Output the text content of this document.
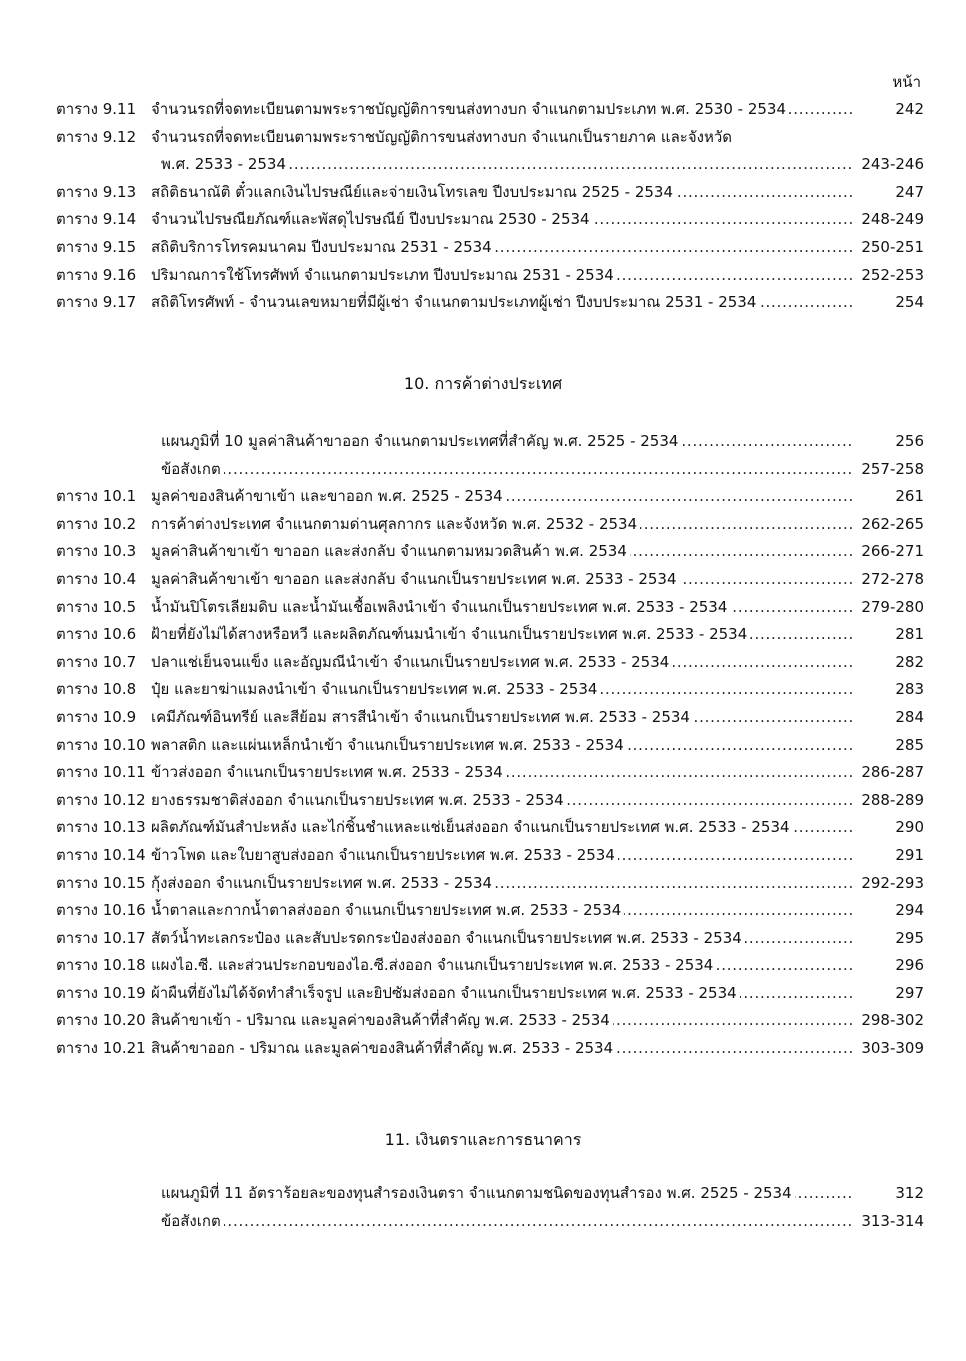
หน้า
ตาราง 9.11 จำนวนรถที่จดทะเบียนตามพระราชบัญญัติการขนส่งทางบก จำแนกตามประเภท พ.ศ. 2530 - 2534 . . .	242
ตาราง 9.12 จำนวนรถที่จดทะเบียนตามพระราชบัญญัติการขนส่งทางบก จำแนกเป็นรายภาค และจังหวัด
พ.ศ. 2533 - 2534 . . .	243-246
ตาราง 9.13 สถิติธนาณัติ ตั๋วแลกเงินไปรษณีย์และจ่ายเงินโทรเลข ปีงบประมาณ 2525 - 2534 . . .	247
ตาราง 9.14 จำนวนไปรษณียภัณฑ์และพัสดุไปรษณีย์ ปีงบประมาณ 2530 - 2534 . . .	248-249
ตาราง 9.15 สถิติบริการโทรคมนาคม ปีงบประมาณ 2531 - 2534 . . .	250-251
ตาราง 9.16 ปริมาณการใช้โทรศัพท์ จำแนกตามประเภท ปีงบประมาณ 2531 - 2534 . . .	252-253
ตาราง 9.17 สถิติโทรศัพท์ - จำนวนเลขหมายที่มีผู้เช่า จำแนกตามประเภทผู้เช่า ปีงบประมาณ 2531 - 2534 . . .	254
10. การค้าต่างประเทศ
แผนภูมิที่ 10 มูลค่าสินค้าขาออก จำแนกตามประเทศที่สำคัญ พ.ศ. 2525 - 2534 . . .	256
ข้อสังเกต . . .	257-258
ตาราง 10.1 มูลค่าของสินค้าขาเข้า และขาออก พ.ศ. 2525 - 2534 . . .	261
ตาราง 10.2 การค้าต่างประเทศ จำแนกตามด่านศุลกากร และจังหวัด พ.ศ. 2532 - 2534 . . .	262-265
ตาราง 10.3 มูลค่าสินค้าขาเข้า ขาออก และส่งกลับ จำแนกตามหมวดสินค้า พ.ศ. 2534 . . .	266-271
ตาราง 10.4 มูลค่าสินค้าขาเข้า ขาออก และส่งกลับ จำแนกเป็นรายประเทศ พ.ศ. 2533 - 2534 . . .	272-278
ตาราง 10.5 น้ำมันปิโตรเลียมดิบ และน้ำมันเชื้อเพลิงนำเข้า จำแนกเป็นรายประเทศ พ.ศ. 2533 - 2534 . . .	279-280
ตาราง 10.6 ฝ้ายที่ยังไม่ได้สางหรือหวี และผลิตภัณฑ์นมนำเข้า จำแนกเป็นรายประเทศ พ.ศ. 2533 - 2534 . . .	281
ตาราง 10.7 ปลาแช่เย็นจนแข็ง และอัญมณีนำเข้า จำแนกเป็นรายประเทศ พ.ศ. 2533 - 2534 . . .	282
ตาราง 10.8 ปุ๋ย และยาฆ่าแมลงนำเข้า จำแนกเป็นรายประเทศ พ.ศ. 2533 - 2534 . . .	283
ตาราง 10.9 เคมีภัณฑ์อินทรีย์ และสีย้อม สารสีนำเข้า จำแนกเป็นรายประเทศ พ.ศ. 2533 - 2534 . . .	284
ตาราง 10.10 พลาสติก และแผ่นเหล็กนำเข้า จำแนกเป็นรายประเทศ พ.ศ. 2533 - 2534 . . .	285
ตาราง 10.11 ข้าวส่งออก จำแนกเป็นรายประเทศ พ.ศ. 2533 - 2534 . . .	286-287
ตาราง 10.12 ยางธรรมชาติส่งออก จำแนกเป็นรายประเทศ พ.ศ. 2533 - 2534 . . .	288-289
ตาราง 10.13 ผลิตภัณฑ์มันสำปะหลัง และไก่ชิ้นชำแหละแช่เย็นส่งออก จำแนกเป็นรายประเทศ พ.ศ. 2533 - 2534 . . .	290
ตาราง 10.14 ข้าวโพด และใบยาสูบส่งออก จำแนกเป็นรายประเทศ พ.ศ. 2533 - 2534 . . .	291
ตาราง 10.15 กุ้งส่งออก จำแนกเป็นรายประเทศ พ.ศ. 2533 - 2534 . . .	292-293
ตาราง 10.16 น้ำตาลและกากน้ำตาลส่งออก จำแนกเป็นรายประเทศ พ.ศ. 2533 - 2534 . . .	294
ตาราง 10.17 สัตว์น้ำทะเลกระป๋อง และสับปะรดกระป๋องส่งออก จำแนกเป็นรายประเทศ พ.ศ. 2533 - 2534 . . .	295
ตาราง 10.18 แผงไอ.ซี. และส่วนประกอบของไอ.ซี.ส่งออก จำแนกเป็นรายประเทศ พ.ศ. 2533 - 2534 . . .	296
ตาราง 10.19 ผ้าผืนที่ยังไม่ได้จัดทำสำเร็จรูป และยิปซัมส่งออก จำแนกเป็นรายประเทศ พ.ศ. 2533 - 2534 . . .	297
ตาราง 10.20 สินค้าขาเข้า - ปริมาณ และมูลค่าของสินค้าที่สำคัญ พ.ศ. 2533 - 2534 . . .	298-302
ตาราง 10.21 สินค้าขาออก - ปริมาณ และมูลค่าของสินค้าที่สำคัญ พ.ศ. 2533 - 2534 . . .	303-309
11. เงินตราและการธนาคาร
แผนภูมิที่ 11 อัตราร้อยละของทุนสำรองเงินตรา จำแนกตามชนิดของทุนสำรอง พ.ศ. 2525 - 2534 . . .	312
ข้อสังเกต . . .	313-314
